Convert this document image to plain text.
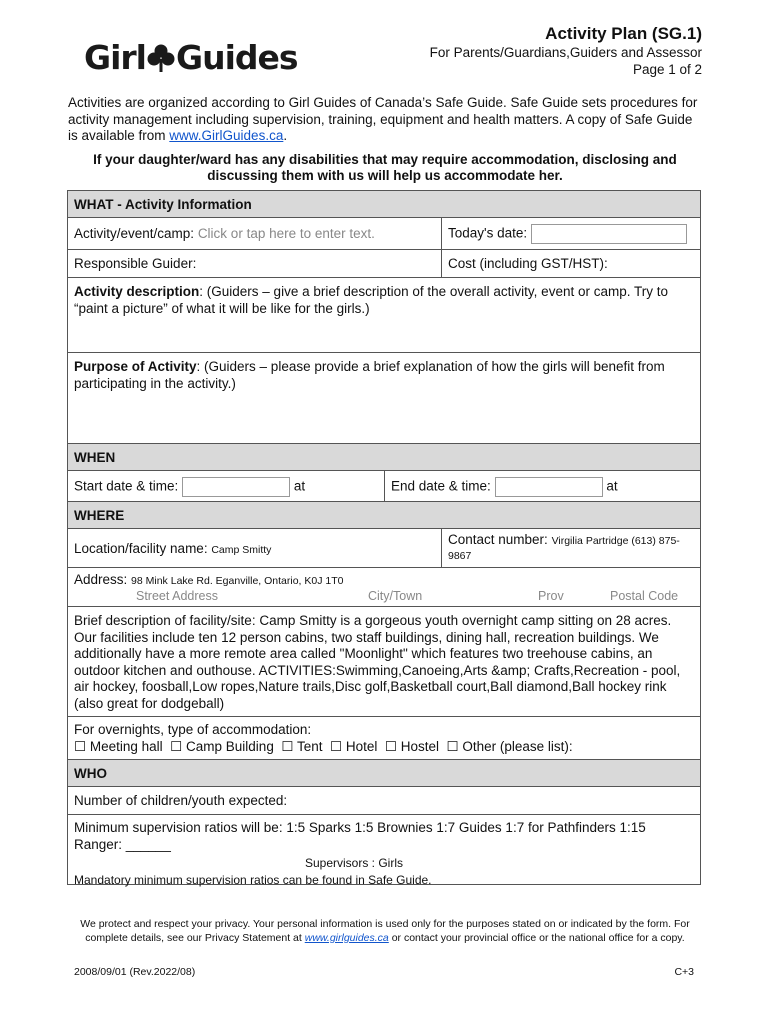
Girl Guides
Activity Plan (SG.1)
For Parents/Guardians,Guiders and Assessor
Page 1 of 2
Activities are organized according to Girl Guides of Canada’s Safe Guide. Safe Guide sets procedures for activity management including supervision, training, equipment and health matters. A copy of Safe Guide is available from www.GirlGuides.ca.
If your daughter/ward has any disabilities that may require accommodation, disclosing and discussing them with us will help us accommodate her.
WHAT - Activity Information
Activity/event/camp: Click or tap here to enter text.	Today's date:
Responsible Guider:	Cost (including GST/HST):
Activity description: (Guiders – give a brief description of the overall activity, event or camp. Try to “paint a picture” of what it will be like for the girls.)
Purpose of Activity: (Guiders – please provide a brief explanation of how the girls will benefit from participating in the activity.)
WHEN
Start date & time:	at	End date & time:	at
WHERE
Location/facility name: Camp Smitty
Contact number: Virgilia Partridge (613) 875-9867
Address: 98 Mink Lake Rd. Eganville, Ontario, K0J 1T0
Street Address	City/Town	Prov	Postal Code
Brief description of facility/site: Camp Smitty is a gorgeous youth overnight camp sitting on 28 acres. Our facilities include ten 12 person cabins, two staff buildings, dining hall, recreation buildings. We additionally have a more remote area called "Moonlight" which features two treehouse cabins, an outdoor kitchen and outhouse. ACTIVITIES:Swimming,Canoeing,Arts &amp; Crafts,Recreation - pool, air hockey, foosball,Low ropes,Nature trails,Disc golf,Basketball court,Ball diamond,Ball hockey rink (also great for dodgeball)
For overnights, type of accommodation:
☐ Meeting hall ☐ Camp Building ☐ Tent ☐ Hotel ☐ Hostel ☐ Other (please list):
WHO
Number of children/youth expected:
Minimum supervision ratios will be: 1:5 Sparks 1:5 Brownies 1:7 Guides 1:7 for Pathfinders 1:15 Ranger: ______
Supervisors : Girls
Mandatory minimum supervision ratios can be found in Safe Guide.
We protect and respect your privacy. Your personal information is used only for the purposes stated on or indicated by the form. For complete details, see our Privacy Statement at www.girlguides.ca or contact your provincial office or the national office for a copy.
2008/09/01 (Rev.2022/08)	C+3
